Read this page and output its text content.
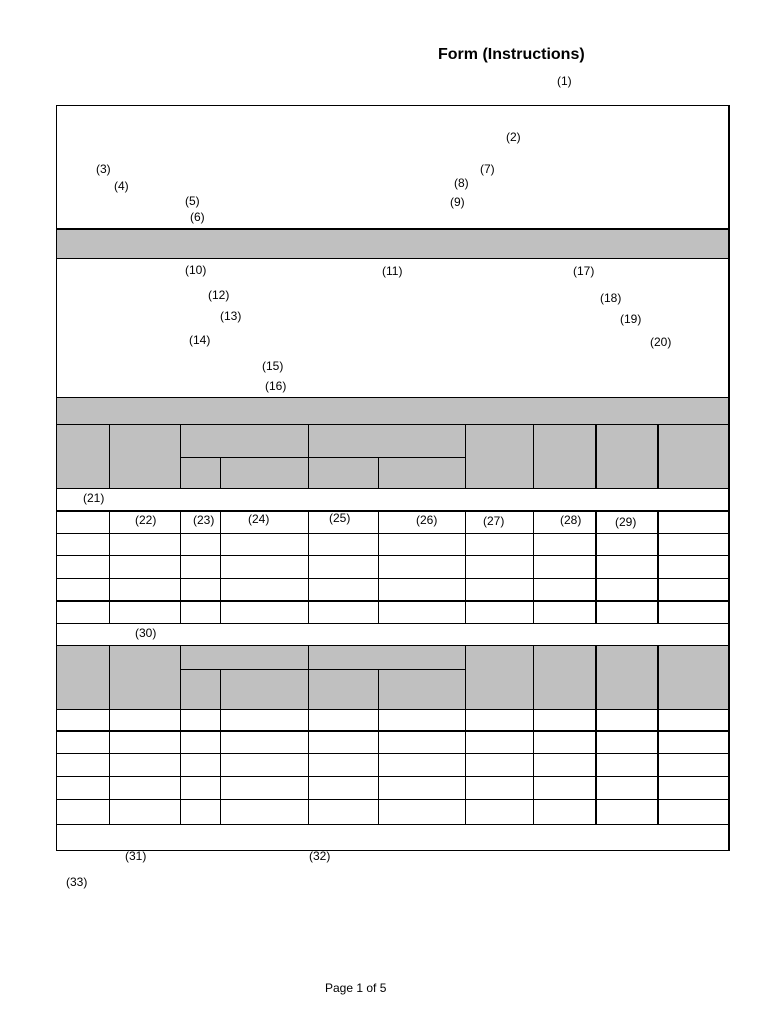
Form (Instructions)
(1)
(2)
(3)
(4)
(5)
(6)
(7)
(8)
(9)
(10)	(11)
(12)
(13)
(14)
(15)
(16)
(17)
(18)
(19)
(20)
(21)
(22)	(23)	(24)	(25)	(26)	(27)	(28)	(29)
(30)
(31)	(32)
(33)
Page 1 of 5
